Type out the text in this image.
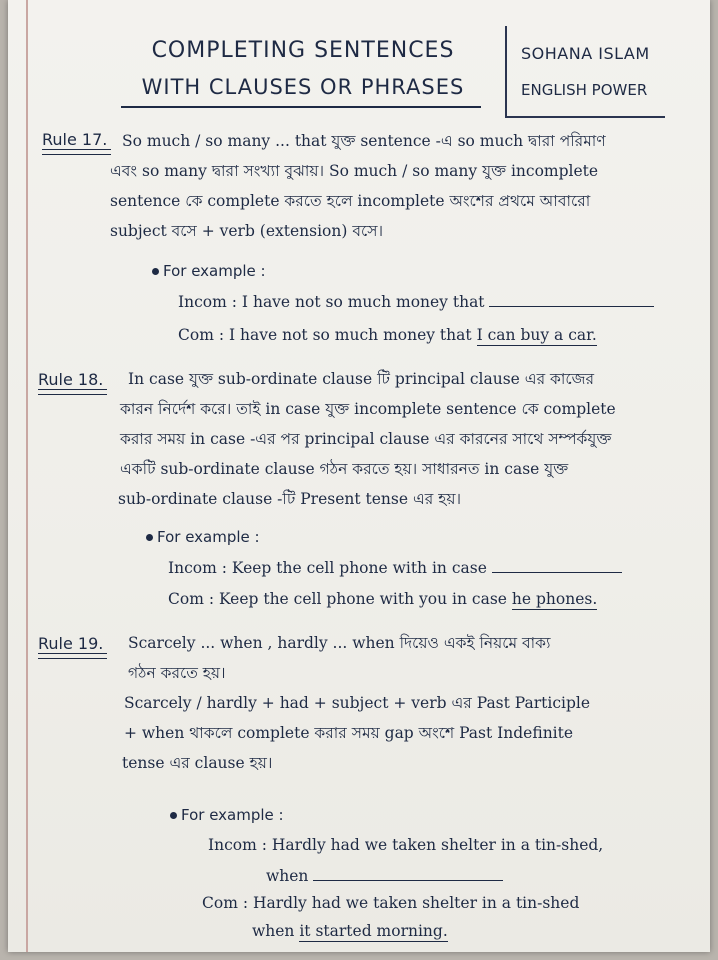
COMPLETING SENTENCES
WITH CLAUSES OR PHRASES
SOHANA ISLAM
ENGLISH POWER
Rule 17. So much / so many ... that যুক্ত sentence -এ so much দ্বারা পরিমাণ
এবং so many দ্বারা সংখ্যা বুঝায়। So much / so many যুক্ত incomplete
sentence কে complete করতে হলে incomplete অংশের প্রথমে আবারো
subject বসে + verb (extension) বসে।
For example :
Incom : I have not so much money that
Com : I have not so much money that I can buy a car.
Rule 18. In case যুক্ত sub-ordinate clause টি principal clause এর কাজের
কারন নির্দেশ করে। তাই in case যুক্ত incomplete sentence কে complete
করার সময় in case -এর পর principal clause এর কারনের সাথে সম্পর্কযুক্ত
একটি sub-ordinate clause গঠন করতে হয়। সাধারনত in case যুক্ত
sub-ordinate clause -টি Present tense এর হয়।
For example :
Incom : Keep the cell phone with in case
Com : Keep the cell phone with you in case he phones.
Rule 19. Scarcely ... when , hardly ... when দিয়েও একই নিয়মে বাক্য
গঠন করতে হয়।
Scarcely / hardly + had + subject + verb এর Past Participle
+ when থাকলে complete করার সময় gap অংশে Past Indefinite
tense এর clause হয়।
For example :
Incom : Hardly had we taken shelter in a tin-shed,
when
Com : Hardly had we taken shelter in a tin-shed
when it started morning.
